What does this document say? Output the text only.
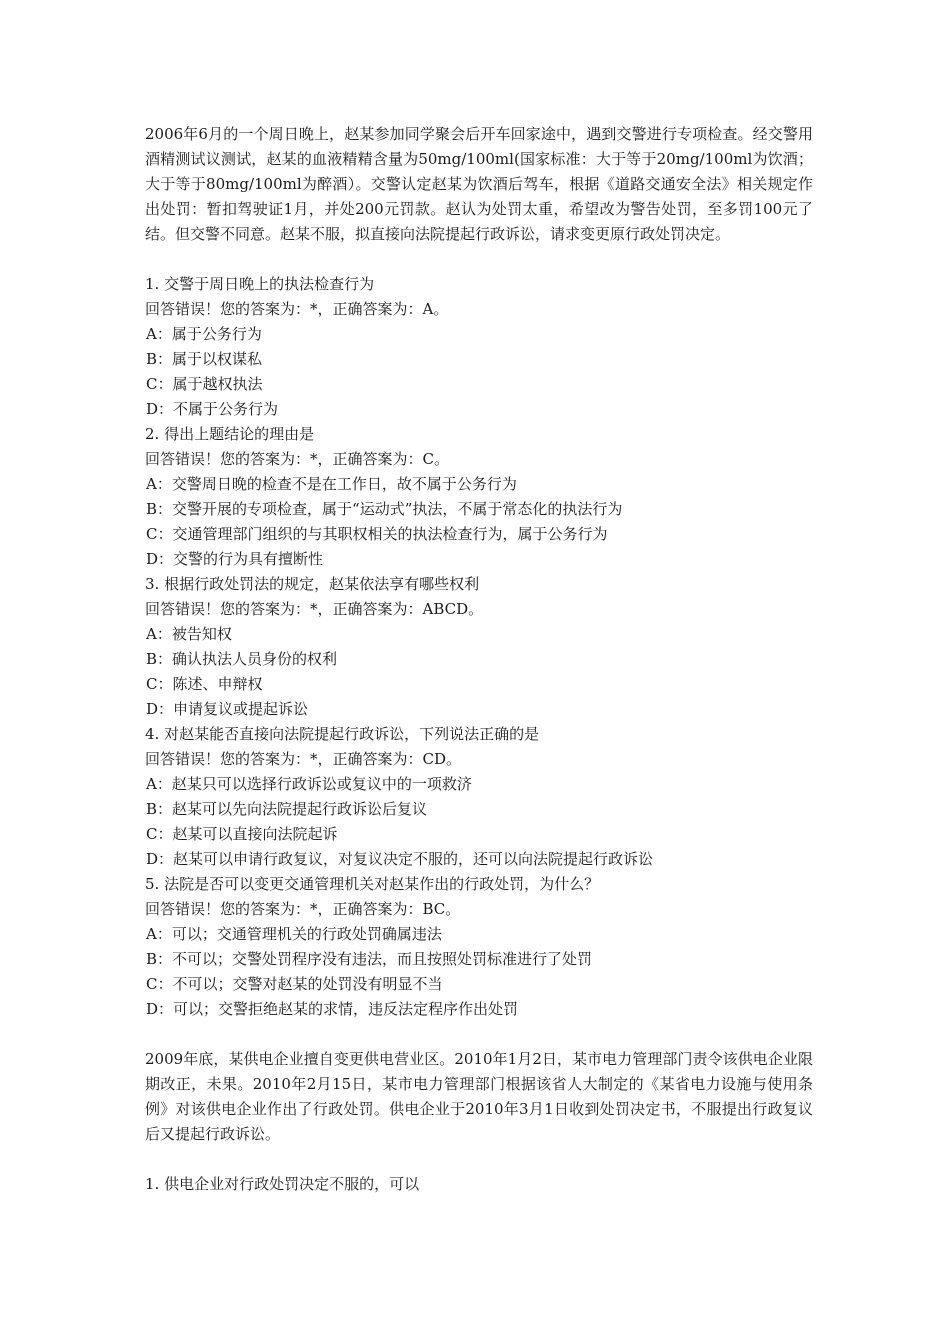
2006年6月的一个周日晚上，赵某参加同学聚会后开车回家途中，遇到交警进行专项检查。经交警用酒精测试议测试，赵某的血液精精含量为50mg/100ml(国家标准：大于等于20mg/100ml为饮酒；大于等于80mg/100ml为醉酒）。交警认定赵某为饮酒后驾车，根据《道路交通安全法》相关规定作出处罚：暂扣驾驶证1月，并处200元罚款。赵认为处罚太重，希望改为警告处罚，至多罚100元了结。但交警不同意。赵某不服，拟直接向法院提起行政诉讼，请求变更原行政处罚决定。

1. 交警于周日晚上的执法检查行为

回答错误！您的答案为：*，正确答案为：A。

A：属于公务行为

B：属于以权谋私

C：属于越权执法

D：不属于公务行为

2. 得出上题结论的理由是

回答错误！您的答案为：*，正确答案为：C。

A：交警周日晚的检查不是在工作日，故不属于公务行为

B：交警开展的专项检查，属于“运动式”执法，不属于常态化的执法行为

C：交通管理部门组织的与其职权相关的执法检查行为，属于公务行为

D：交警的行为具有擅断性

3. 根据行政处罚法的规定，赵某依法享有哪些权利

回答错误！您的答案为：*，正确答案为：ABCD。

A：被告知权

B：确认执法人员身份的权利

C：陈述、申辩权

D：申请复议或提起诉讼

4. 对赵某能否直接向法院提起行政诉讼，下列说法正确的是

回答错误！您的答案为：*，正确答案为：CD。

A：赵某只可以选择行政诉讼或复议中的一项救济

B：赵某可以先向法院提起行政诉讼后复议

C：赵某可以直接向法院起诉

D：赵某可以申请行政复议，对复议决定不服的，还可以向法院提起行政诉讼

5. 法院是否可以变更交通管理机关对赵某作出的行政处罚，为什么？

回答错误！您的答案为：*，正确答案为：BC。

A：可以；交通管理机关的行政处罚确属违法

B：不可以；交警处罚程序没有违法，而且按照处罚标准进行了处罚

C：不可以；交警对赵某的处罚没有明显不当

D：可以；交警拒绝赵某的求情，违反法定程序作出处罚

2009年底，某供电企业擅自变更供电营业区。2010年1月2日，某市电力管理部门责令该供电企业限期改正，未果。2010年2月15日，某市电力管理部门根据该省人大制定的《某省电力设施与使用条例》对该供电企业作出了行政处罚。供电企业于2010年3月1日收到处罚决定书，不服提出行政复议后又提起行政诉讼。

1. 供电企业对行政处罚决定不服的，可以
